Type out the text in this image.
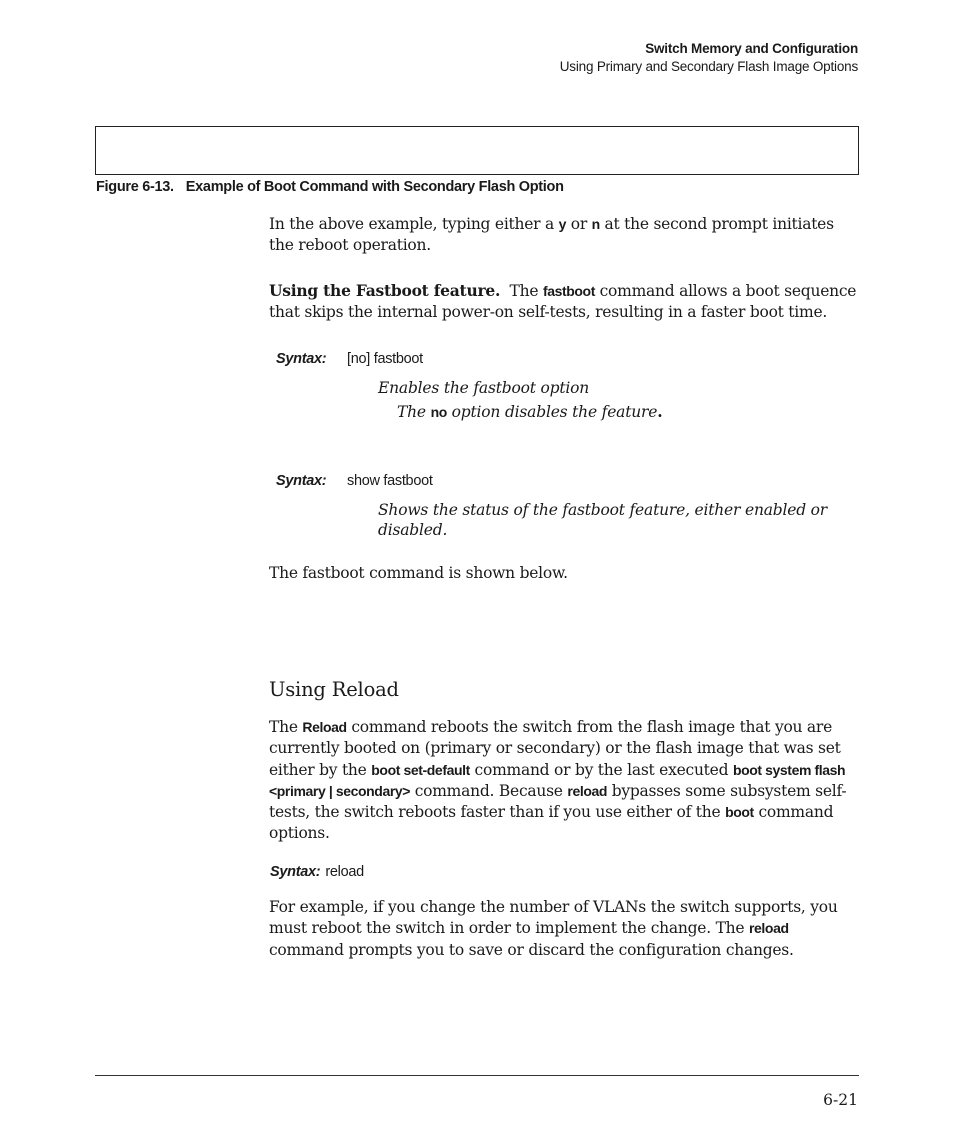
Switch Memory and Configuration
Using Primary and Secondary Flash Image Options
Figure 6-13. Example of Boot Command with Secondary Flash Option
In the above example, typing either a y or n at the second prompt initiates the reboot operation.
Using the Fastboot feature. The fastboot command allows a boot sequence that skips the internal power-on self-tests, resulting in a faster boot time.
Syntax: [no] fastboot
Enables the fastboot option
The no option disables the feature.
Syntax: show fastboot
Shows the status of the fastboot feature, either enabled or disabled.
The fastboot command is shown below.
Using Reload
The Reload command reboots the switch from the flash image that you are currently booted on (primary or secondary) or the flash image that was set either by the boot set-default command or by the last executed boot system flash <primary | secondary> command. Because reload bypasses some subsystem self-tests, the switch reboots faster than if you use either of the boot command options.
Syntax: reload
For example, if you change the number of VLANs the switch supports, you must reboot the switch in order to implement the change. The reload command prompts you to save or discard the configuration changes.
6-21
